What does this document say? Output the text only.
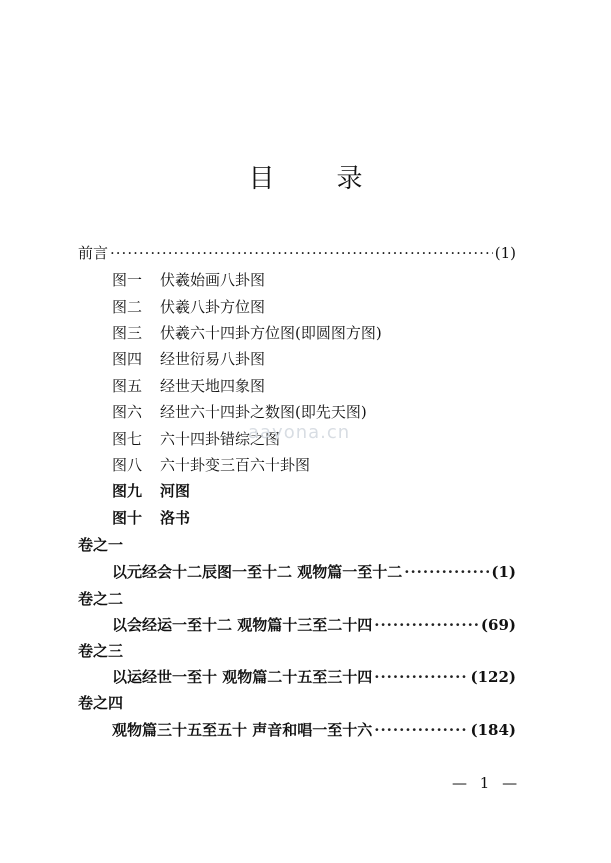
目录
前言 ·····	(1)
图一 伏羲始画八卦图
图二 伏羲八卦方位图
图三 伏羲六十四卦方位图(即圆图方图)
图四 经世衍易八卦图
图五 经世天地四象图
图六 经世六十四卦之数图(即先天图)
图七 六十四卦错综之图
图八 六十卦变三百六十卦图
图九 河图
图十 洛书
卷之一
以元经会十二辰图一至十二 观物篇一至十二 ·····	(1)
卷之二
以会经运一至十二 观物篇十三至二十四 ·····	(69)
卷之三
以运经世一至十 观物篇二十五至三十四 ·····	(122)
卷之四
观物篇三十五至五十 声音和唱一至十六 ·····	(184)
aayona.cn
— 1 —
